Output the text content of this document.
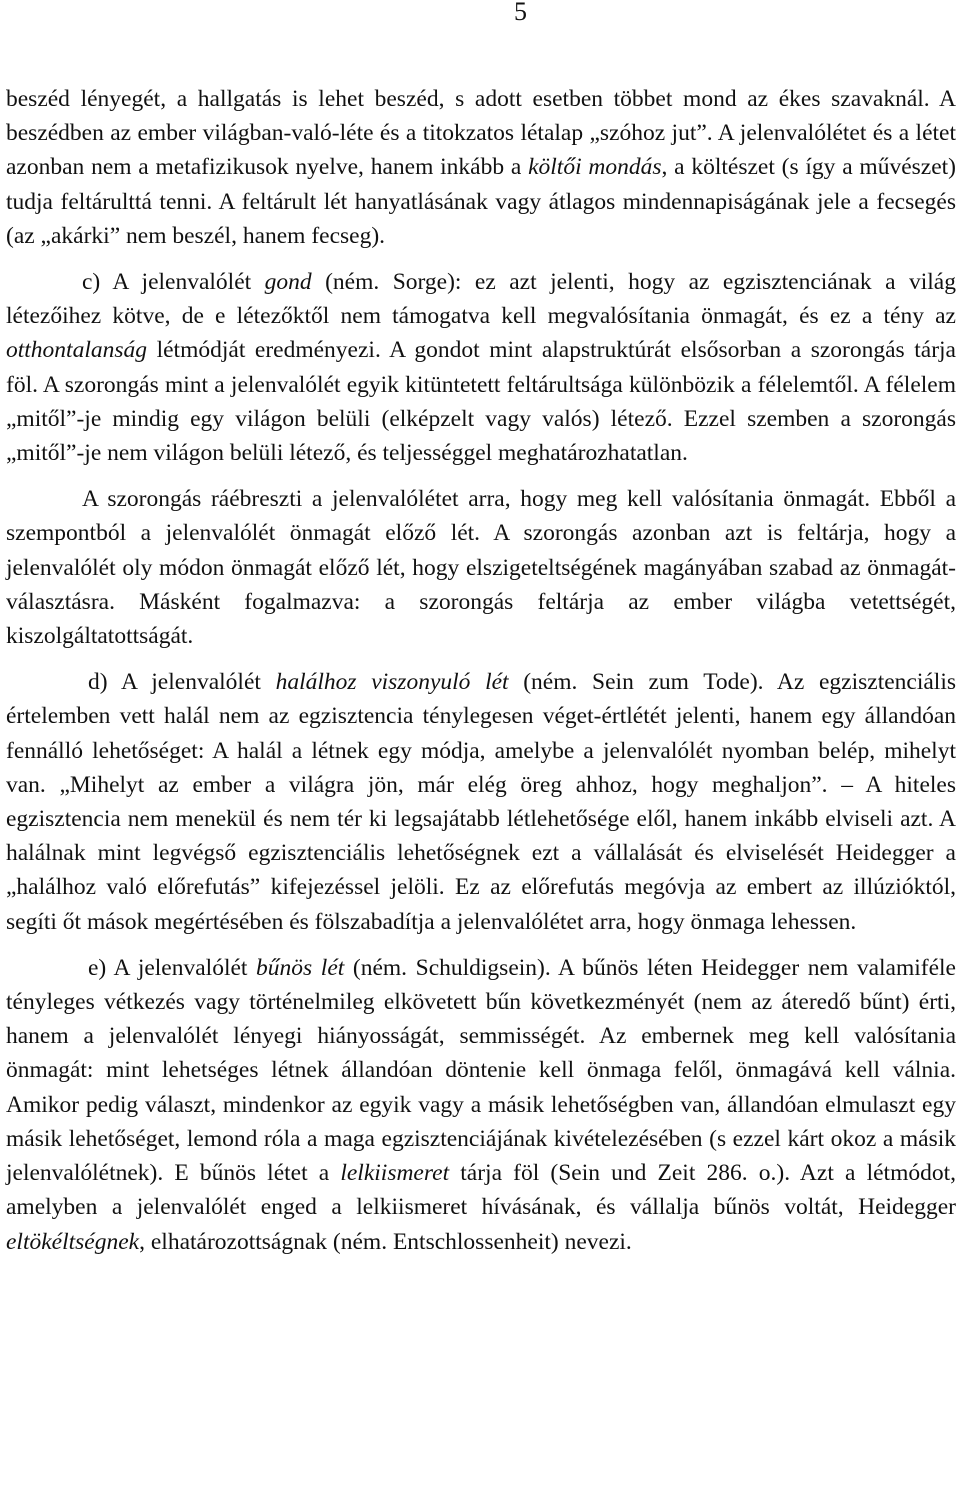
5

beszéd lényegét, a hallgatás is lehet beszéd, s adott esetben többet mond az ékes szavaknál. A beszédben az ember világban-való-léte és a titokzatos létalap „szóhoz jut”. A jelenvalólétet és a létet azonban nem a metafizikusok nyelve, hanem inkább a költői mondás, a költészet (s így a művészet) tudja feltárulttá tenni. A feltárult lét hanyatlásának vagy átlagos mindennapiságának jele a fecsegés (az „akárki” nem beszél, hanem fecseg).

c) A jelenvalólét gond (ném. Sorge): ez azt jelenti, hogy az egzisztenciának a világ létezőihez kötve, de e létezőktől nem támogatva kell megvalósítania önmagát, és ez a tény az otthontalanság létmódját eredményezi. A gondot mint alapstruktúrát elsősorban a szorongás tárja föl. A szorongás mint a jelenvalólét egyik kitüntetett feltárultsága különbözik a félelemtől. A félelem „mitől”-je mindig egy világon belüli (elképzelt vagy valós) létező. Ezzel szemben a szorongás „mitől”-je nem világon belüli létező, és teljességgel meghatározhatatlan.

A szorongás ráébreszti a jelenvalólétet arra, hogy meg kell valósítania önmagát. Ebből a szempontból a jelenvalólét önmagát előző lét. A szorongás azonban azt is feltárja, hogy a jelenvalólét oly módon önmagát előző lét, hogy elszigeteltségének magányában szabad az önmagát-választásra. Másként fogalmazva: a szorongás feltárja az ember világba vetettségét, kiszolgáltatottságát.

d) A jelenvalólét halálhoz viszonyuló lét (ném. Sein zum Tode). Az egzisztenciális értelemben vett halál nem az egzisztencia ténylegesen véget-értlétét jelenti, hanem egy állandóan fennálló lehetőséget: A halál a létnek egy módja, amelybe a jelenvalólét nyomban belép, mihelyt van. „Mihelyt az ember a világra jön, már elég öreg ahhoz, hogy meghaljon”. – A hiteles egzisztencia nem menekül és nem tér ki legsajátabb létlehetősége elől, hanem inkább elviseli azt. A halálnak mint legvégső egzisztenciális lehetőségnek ezt a vállalását és elviselését Heidegger a „halálhoz való előrefutás” kifejezéssel jelöli. Ez az előrefutás megóvja az embert az illúzióktól, segíti őt mások megértésében és fölszabadítja a jelenvalólétet arra, hogy önmaga lehessen.

e) A jelenvalólét bűnös lét (ném. Schuldigsein). A bűnös léten Heidegger nem valamiféle tényleges vétkezés vagy történelmileg elkövetett bűn következményét (nem az áteredő bűnt) érti, hanem a jelenvalólét lényegi hiányosságát, semmisségét. Az embernek meg kell valósítania önmagát: mint lehetséges létnek állandóan döntenie kell önmaga felől, önmagává kell válnia. Amikor pedig választ, mindenkor az egyik vagy a másik lehetőségben van, állandóan elmulaszt egy másik lehetőséget, lemond róla a maga egzisztenciájának kivételezésében (s ezzel kárt okoz a másik jelenvalólétnek). E bűnös létet a lelkiismeret tárja föl (Sein und Zeit 286. o.). Azt a létmódot, amelyben a jelenvalólét enged a lelkiismeret hívásának, és vállalja bűnös voltát, Heidegger eltökéltségnek, elhatározottságnak (ném. Entschlossenheit) nevezi.
